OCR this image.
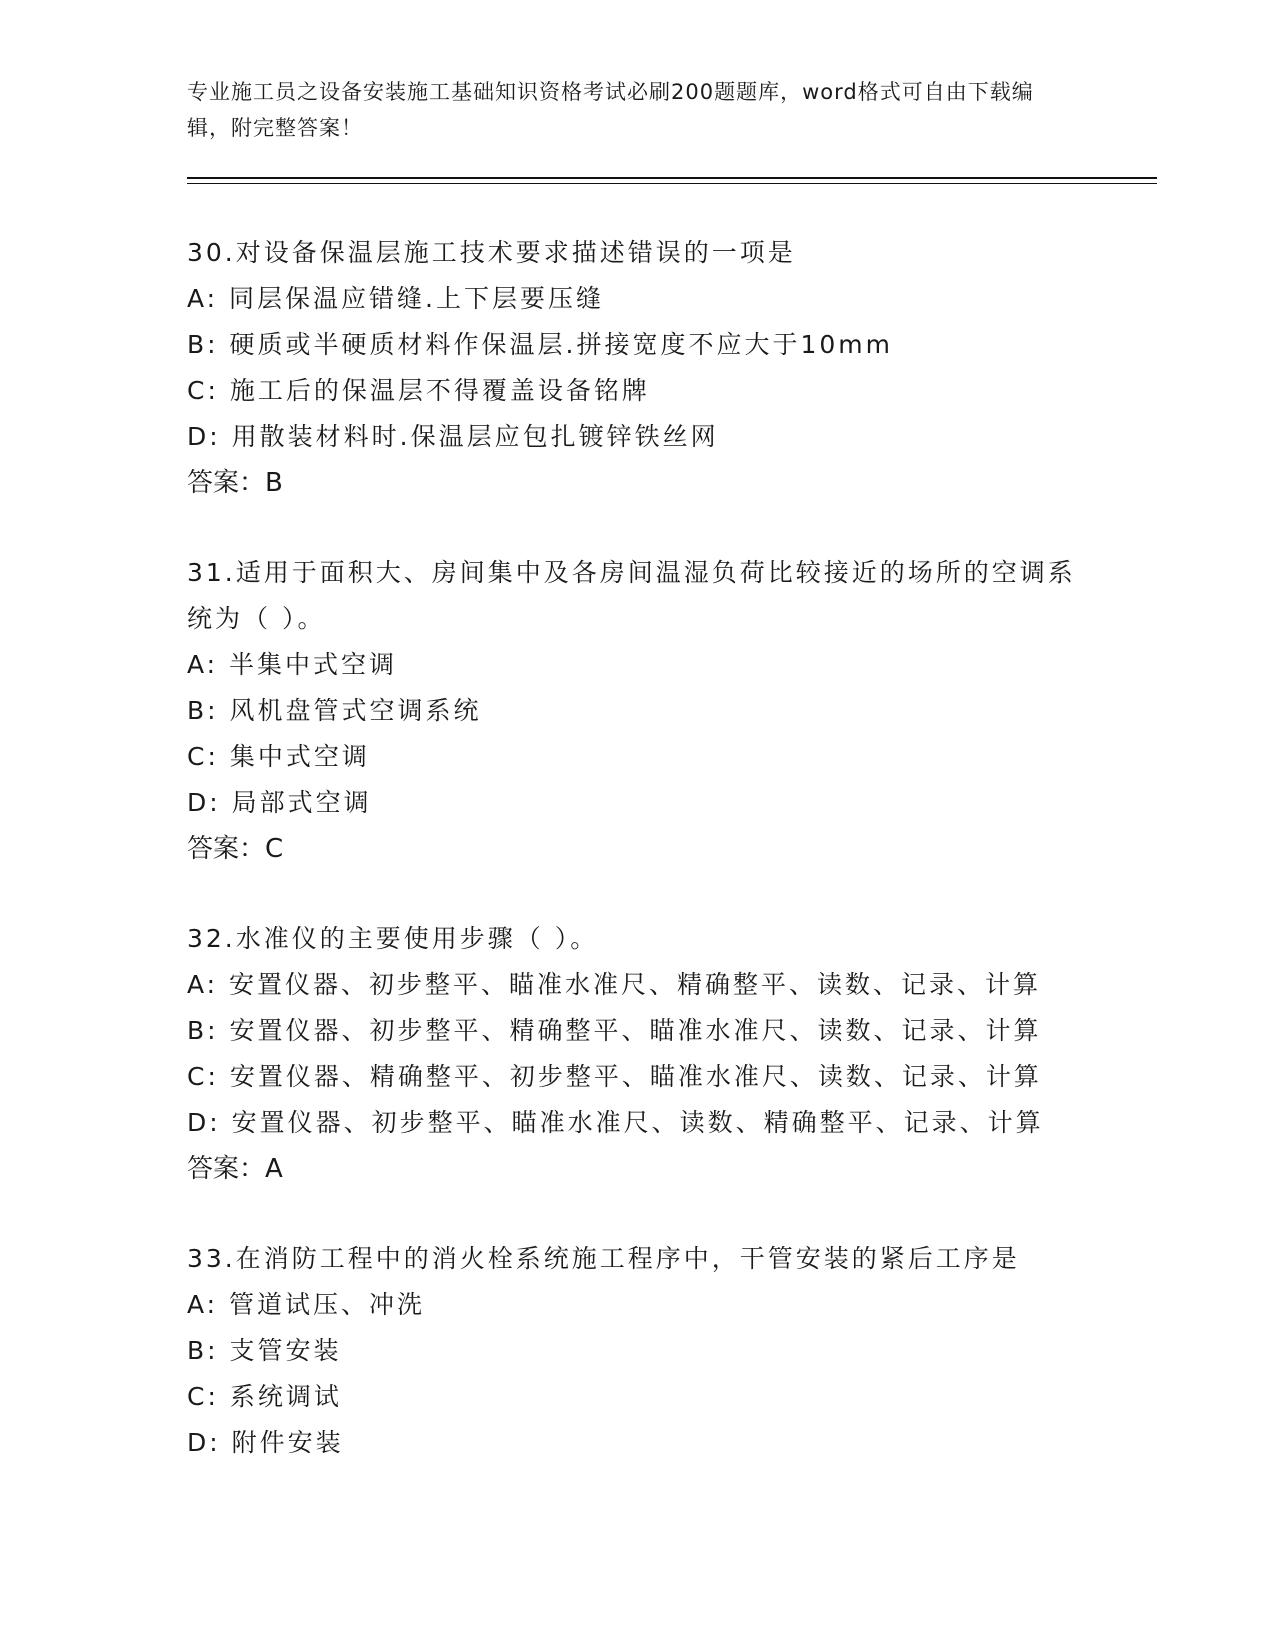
专业施工员之设备安装施工基础知识资格考试必刷200题题库，word格式可自由下载编辑，附完整答案！
30.对设备保温层施工技术要求描述错误的一项是
A: 同层保温应错缝.上下层要压缝
B: 硬质或半硬质材料作保温层.拼接宽度不应大于10mm
C: 施工后的保温层不得覆盖设备铭牌
D: 用散装材料时.保温层应包扎镀锌铁丝网
答案：B
31.适用于面积大、房间集中及各房间温湿负荷比较接近的场所的空调系统为（ ）。
A: 半集中式空调
B: 风机盘管式空调系统
C: 集中式空调
D: 局部式空调
答案：C
32.水准仪的主要使用步骤（ ）。
A: 安置仪器、初步整平、瞄准水准尺、精确整平、读数、记录、计算
B: 安置仪器、初步整平、精确整平、瞄准水准尺、读数、记录、计算
C: 安置仪器、精确整平、初步整平、瞄准水准尺、读数、记录、计算
D: 安置仪器、初步整平、瞄准水准尺、读数、精确整平、记录、计算
答案：A
33.在消防工程中的消火栓系统施工程序中，干管安装的紧后工序是
A: 管道试压、冲洗
B: 支管安装
C: 系统调试
D: 附件安装
